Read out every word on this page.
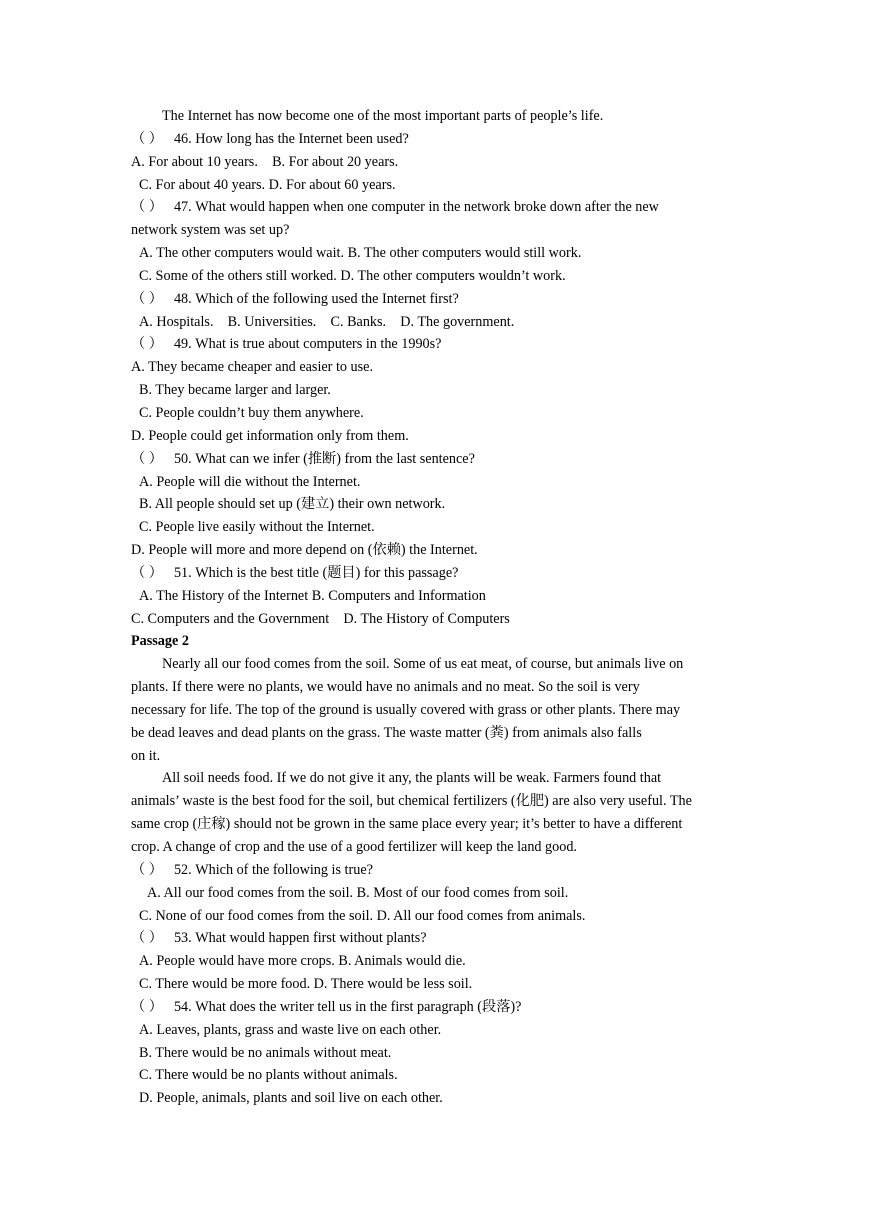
The Internet has now become one of the most important parts of people’s life.
（ ） 46. How long has the Internet been used?
A. For about 10 years.    B. For about 20 years.
C. For about 40 years. D. For about 60 years.
（ ） 47. What would happen when one computer in the network broke down after the new
network system was set up?
A. The other computers would wait. B. The other computers would still work.
C. Some of the others still worked. D. The other computers wouldn’t work.
（ ） 48. Which of the following used the Internet first?
A. Hospitals.    B. Universities.    C. Banks.    D. The government.
（ ） 49. What is true about computers in the 1990s?
A. They became cheaper and easier to use.
B. They became larger and larger.
C. People couldn’t buy them anywhere.
D. People could get information only from them.
（ ） 50. What can we infer (推断) from the last sentence?
A. People will die without the Internet.
B. All people should set up (建立) their own network.
C. People live easily without the Internet.
D. People will more and more depend on (依赖) the Internet.
（ ） 51. Which is the best title (题目) for this passage?
A. The History of the Internet B. Computers and Information
C. Computers and the Government    D. The History of Computers
Passage 2
Nearly all our food comes from the soil. Some of us eat meat, of course, but animals live on
plants. If there were no plants, we would have no animals and no meat. So the soil is very
necessary for life. The top of the ground is usually covered with grass or other plants. There may
be dead leaves and dead plants on the grass. The waste matter (粪) from animals also falls
on it.
All soil needs food. If we do not give it any, the plants will be weak. Farmers found that
animals’ waste is the best food for the soil, but chemical fertilizers (化肥) are also very useful. The
same crop (庄稼) should not be grown in the same place every year; it’s better to have a different
crop. A change of crop and the use of a good fertilizer will keep the land good.
（ ） 52. Which of the following is true?
A. All our food comes from the soil. B. Most of our food comes from soil.
C. None of our food comes from the soil. D. All our food comes from animals.
（ ） 53. What would happen first without plants?
A. People would have more crops. B. Animals would die.
C. There would be more food. D. There would be less soil.
（ ） 54. What does the writer tell us in the first paragraph (段落)?
A. Leaves, plants, grass and waste live on each other.
B. There would be no animals without meat.
C. There would be no plants without animals.
D. People, animals, plants and soil live on each other.
